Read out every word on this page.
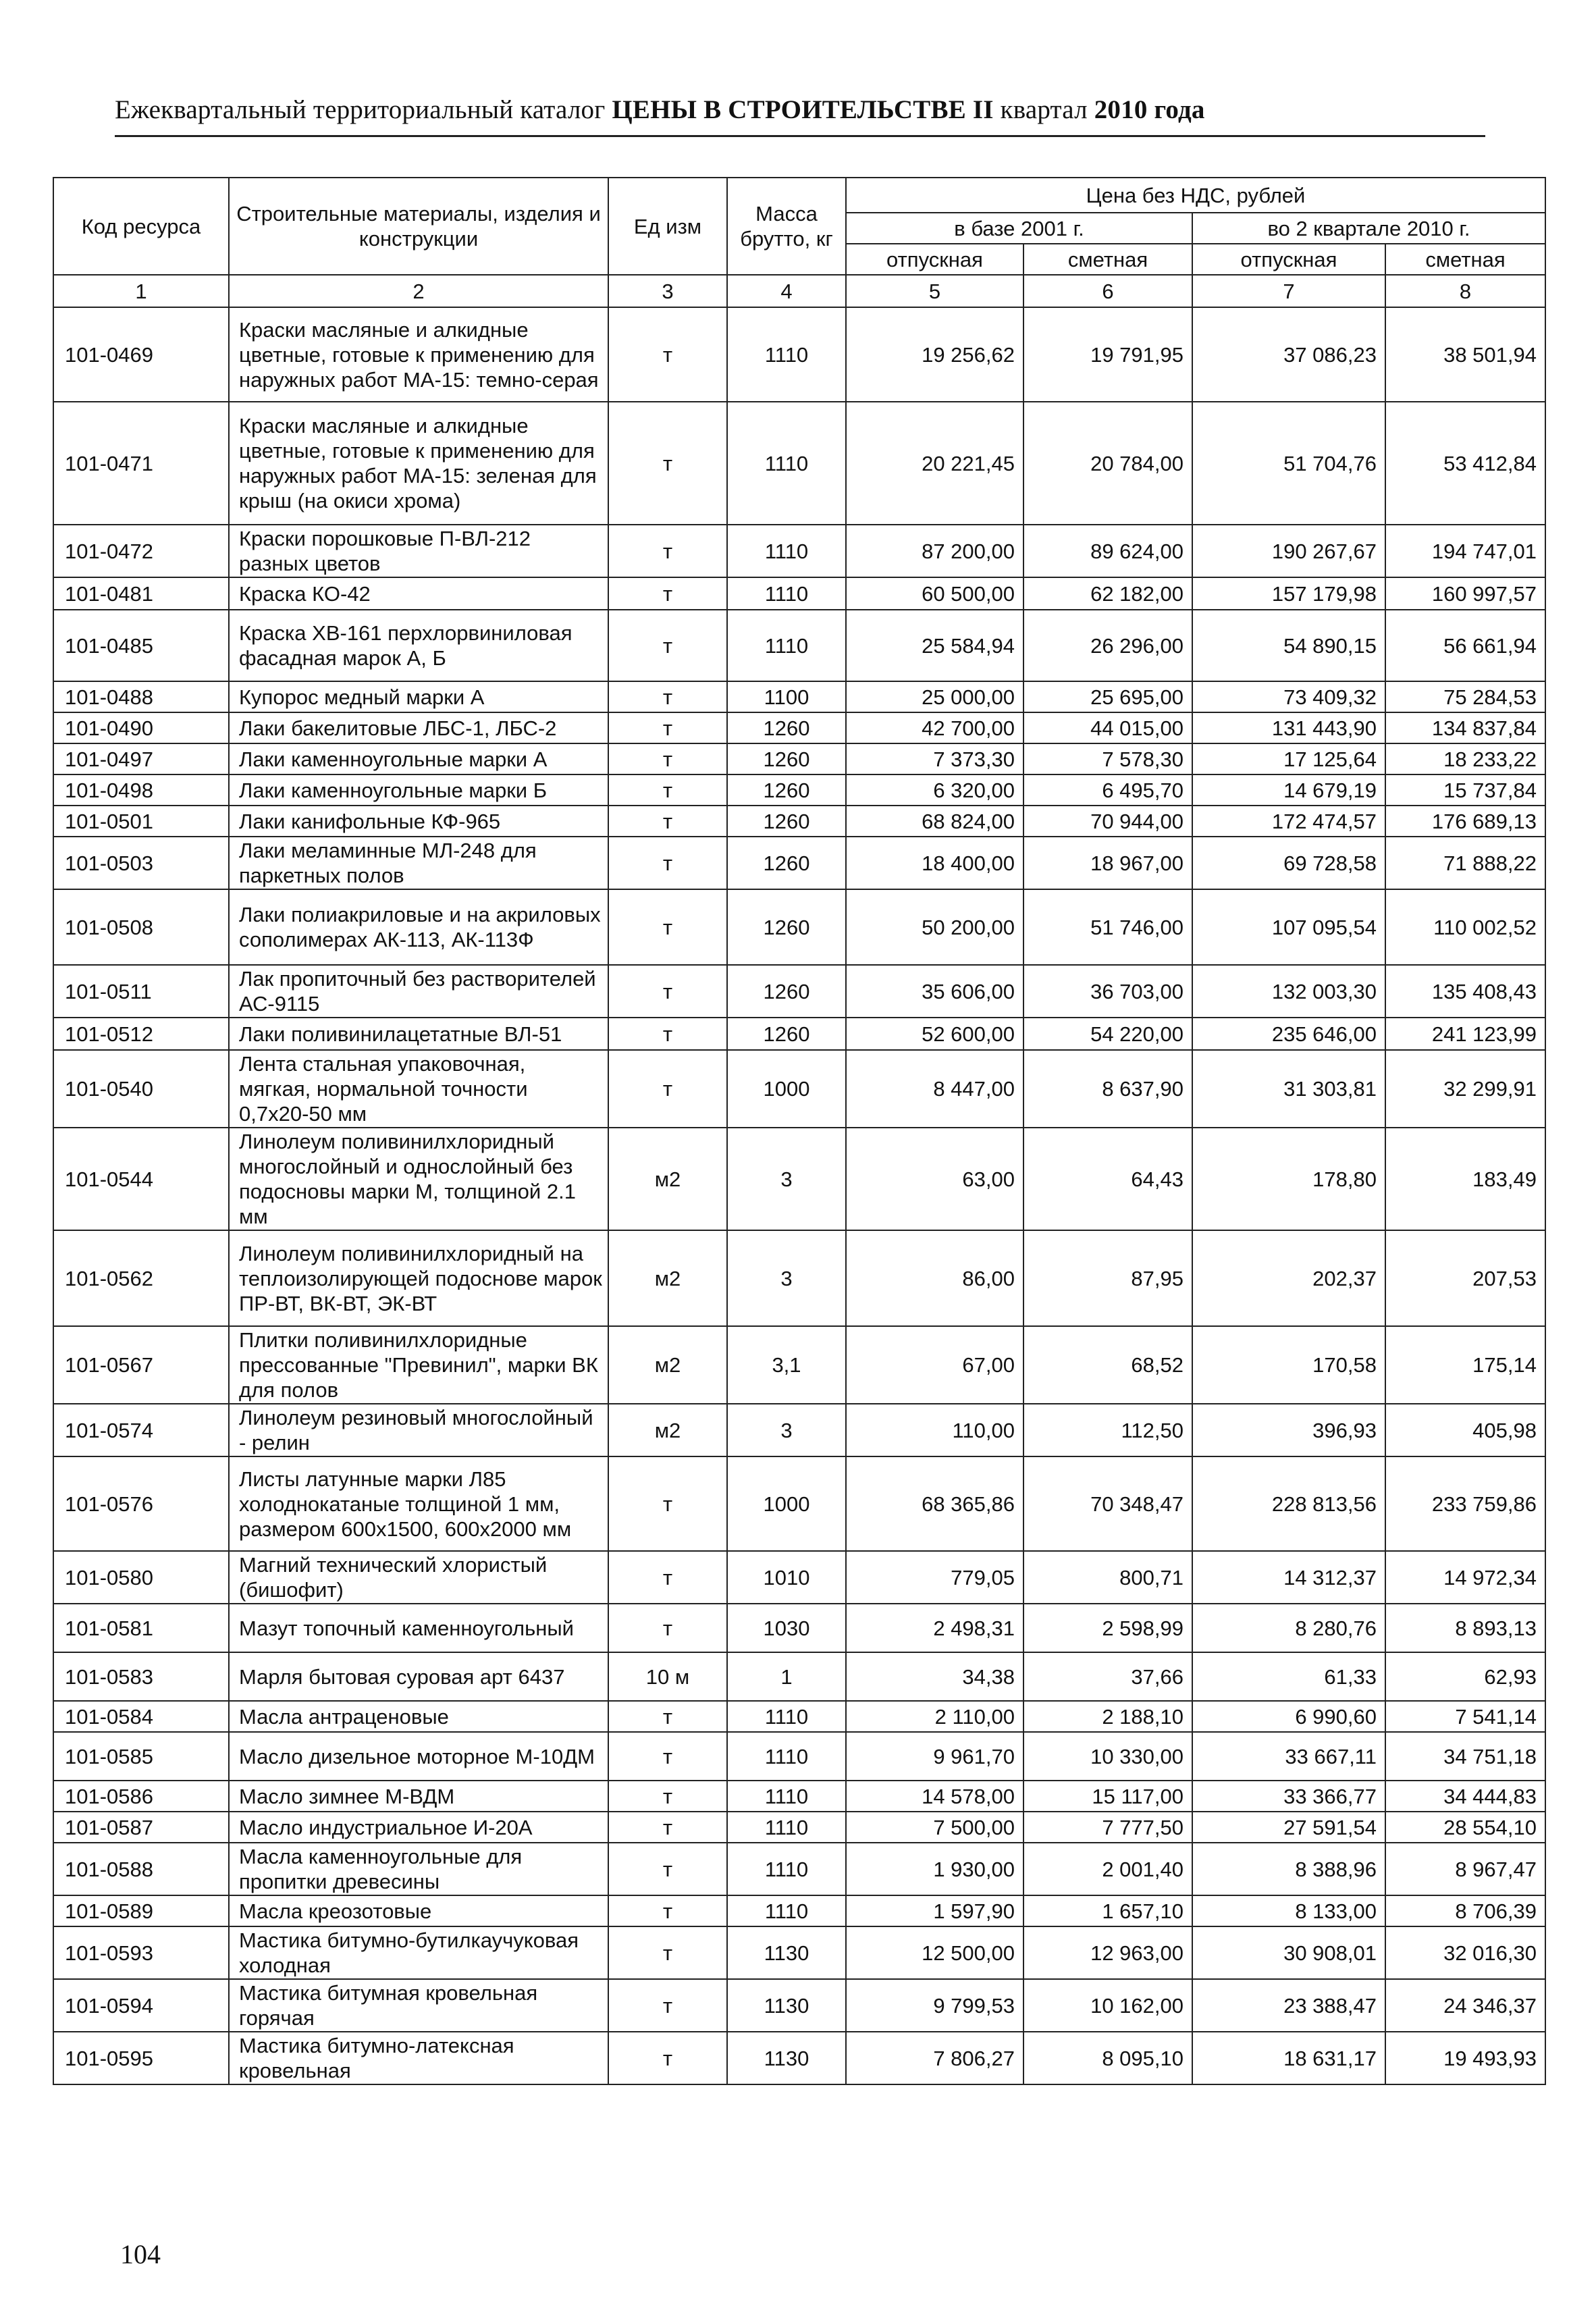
Ежеквартальный территориальный каталог ЦЕНЫ В СТРОИТЕЛЬСТВЕ II квартал 2010 года
Код ресурса	Строительные материалы, изделия и конструкции	Ед изм	Масса брутто, кг	Цена без НДС, рублей			
				в базе 2001 г.		во 2 квартале 2010 г.	
				отпускная	сметная	отпускная	сметная
1	2	3	4	5	6	7	8
101-0469	Краски масляные и алкидные цветные, готовые к применению для наружных работ МА-15: темно-серая	т	1110	19 256,62	19 791,95	37 086,23	38 501,94
101-0471	Краски масляные и алкидные цветные, готовые к применению для наружных работ МА-15: зеленая для крыш (на окиси хрома)	т	1110	20 221,45	20 784,00	51 704,76	53 412,84
101-0472	Краски порошковые П-ВЛ-212 разных цветов	т	1110	87 200,00	89 624,00	190 267,67	194 747,01
101-0481	Краска КО-42	т	1110	60 500,00	62 182,00	157 179,98	160 997,57
101-0485	Краска ХВ-161 перхлорвиниловая фасадная марок А, Б	т	1110	25 584,94	26 296,00	54 890,15	56 661,94
101-0488	Купорос медный марки А	т	1100	25 000,00	25 695,00	73 409,32	75 284,53
101-0490	Лаки бакелитовые ЛБС-1, ЛБС-2	т	1260	42 700,00	44 015,00	131 443,90	134 837,84
101-0497	Лаки каменноугольные марки А	т	1260	7 373,30	7 578,30	17 125,64	18 233,22
101-0498	Лаки каменноугольные марки Б	т	1260	6 320,00	6 495,70	14 679,19	15 737,84
101-0501	Лаки канифольные КФ-965	т	1260	68 824,00	70 944,00	172 474,57	176 689,13
101-0503	Лаки меламинные МЛ-248 для паркетных полов	т	1260	18 400,00	18 967,00	69 728,58	71 888,22
101-0508	Лаки полиакриловые и на акриловых сополимерах АК-113, АК-113Ф	т	1260	50 200,00	51 746,00	107 095,54	110 002,52
101-0511	Лак пропиточный без растворителей АС-9115	т	1260	35 606,00	36 703,00	132 003,30	135 408,43
101-0512	Лаки поливинилацетатные ВЛ-51	т	1260	52 600,00	54 220,00	235 646,00	241 123,99
101-0540	Лента стальная упаковочная, мягкая, нормальной точности 0,7х20-50 мм	т	1000	8 447,00	8 637,90	31 303,81	32 299,91
101-0544	Линолеум поливинилхлоридный многослойный и однослойный без подосновы марки М, толщиной 2.1 мм	м2	3	63,00	64,43	178,80	183,49
101-0562	Линолеум поливинилхлоридный на теплоизолирующей подоснове марок ПР-ВТ, ВК-ВТ, ЭК-ВТ	м2	3	86,00	87,95	202,37	207,53
101-0567	Плитки поливинилхлоридные прессованные "Превинил", марки ВК для полов	м2	3,1	67,00	68,52	170,58	175,14
101-0574	Линолеум резиновый многослойный - релин	м2	3	110,00	112,50	396,93	405,98
101-0576	Листы латунные марки Л85 холоднокатаные толщиной 1 мм, размером 600х1500, 600х2000 мм	т	1000	68 365,86	70 348,47	228 813,56	233 759,86
101-0580	Магний технический хлористый (бишофит)	т	1010	779,05	800,71	14 312,37	14 972,34
101-0581	Мазут топочный каменноугольный	т	1030	2 498,31	2 598,99	8 280,76	8 893,13
101-0583	Марля бытовая суровая арт 6437	10 м	1	34,38	37,66	61,33	62,93
101-0584	Масла антраценовые	т	1110	2 110,00	2 188,10	6 990,60	7 541,14
101-0585	Масло дизельное моторное М-10ДМ	т	1110	9 961,70	10 330,00	33 667,11	34 751,18
101-0586	Масло зимнее М-ВДМ	т	1110	14 578,00	15 117,00	33 366,77	34 444,83
101-0587	Масло индустриальное И-20А	т	1110	7 500,00	7 777,50	27 591,54	28 554,10
101-0588	Масла каменноугольные для пропитки древесины	т	1110	1 930,00	2 001,40	8 388,96	8 967,47
101-0589	Масла креозотовые	т	1110	1 597,90	1 657,10	8 133,00	8 706,39
101-0593	Мастика битумно-бутилкаучуковая холодная	т	1130	12 500,00	12 963,00	30 908,01	32 016,30
101-0594	Мастика битумная кровельная горячая	т	1130	9 799,53	10 162,00	23 388,47	24 346,37
101-0595	Мастика битумно-латексная кровельная	т	1130	7 806,27	8 095,10	18 631,17	19 493,93
104
